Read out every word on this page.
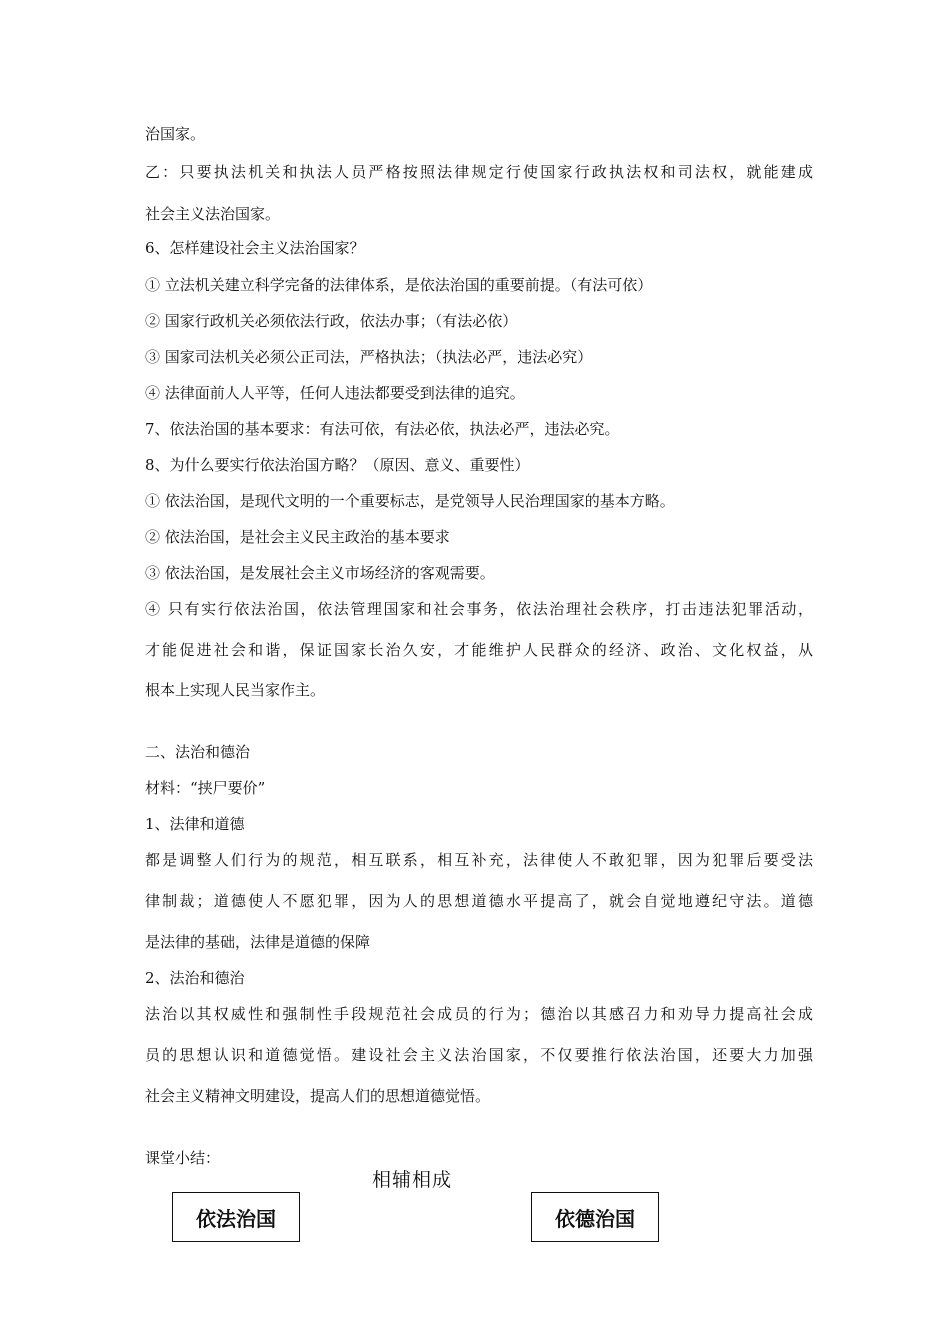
治国家。

乙：只要执法机关和执法人员严格按照法律规定行使国家行政执法权和司法权，就能建成

社会主义法治国家。

6、怎样建设社会主义法治国家？

① 立法机关建立科学完备的法律体系，是依法治国的重要前提。（有法可依）

② 国家行政机关必须依法行政，依法办事；（有法必依）

③ 国家司法机关必须公正司法，严格执法；（执法必严，违法必究）

④ 法律面前人人平等，任何人违法都要受到法律的追究。

7、依法治国的基本要求：有法可依，有法必依，执法必严，违法必究。

8、为什么要实行依法治国方略？（原因、意义、重要性）

① 依法治国，是现代文明的一个重要标志，是党领导人民治理国家的基本方略。

② 依法治国，是社会主义民主政治的基本要求

③ 依法治国，是发展社会主义市场经济的客观需要。

④ 只有实行依法治国，依法管理国家和社会事务，依法治理社会秩序，打击违法犯罪活动，

才能促进社会和谐，保证国家长治久安，才能维护人民群众的经济、政治、文化权益，从

根本上实现人民当家作主。

二、法治和德治

材料：“挟尸要价”

1、法律和道德

都是调整人们行为的规范，相互联系，相互补充，法律使人不敢犯罪，因为犯罪后要受法

律制裁；道德使人不愿犯罪，因为人的思想道德水平提高了，就会自觉地遵纪守法。道德

是法律的基础，法律是道德的保障

2、法治和德治

法治以其权威性和强制性手段规范社会成员的行为；德治以其感召力和劝导力提高社会成

员的思想认识和道德觉悟。建设社会主义法治国家，不仅要推行依法治国，还要大力加强

社会主义精神文明建设，提高人们的思想道德觉悟。

课堂小结：

相辅相成
依法治国	依德治国
